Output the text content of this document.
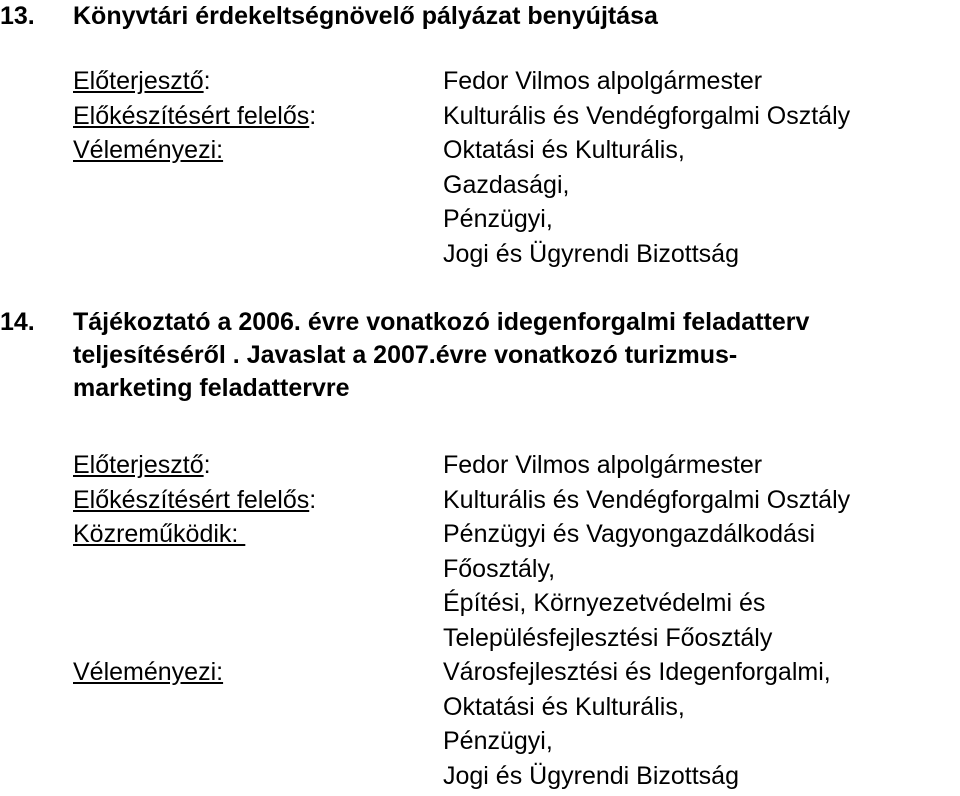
13. Könyvtári érdekeltségnövelő pályázat benyújtása
Előterjesztő:
Előkészítésért felelős:
Véleményezi:
Fedor Vilmos alpolgármester
Kulturális és Vendégforgalmi Osztály
Oktatási és Kulturális,
Gazdasági,
Pénzügyi,
Jogi és Ügyrendi Bizottság
14. Tájékoztató a 2006. évre vonatkozó idegenforgalmi feladatterv
teljesítéséről . Javaslat a 2007.évre vonatkozó turizmus-
marketing feladattervre
Előterjesztő:
Előkészítésért felelős:
Közreműködik:
Véleményezi:
Fedor Vilmos alpolgármester
Kulturális és Vendégforgalmi Osztály
Pénzügyi és Vagyongazdálkodási
Főosztály,
Építési, Környezetvédelmi és
Településfejlesztési Főosztály
Városfejlesztési és Idegenforgalmi,
Oktatási és Kulturális,
Pénzügyi,
Jogi és Ügyrendi Bizottság
